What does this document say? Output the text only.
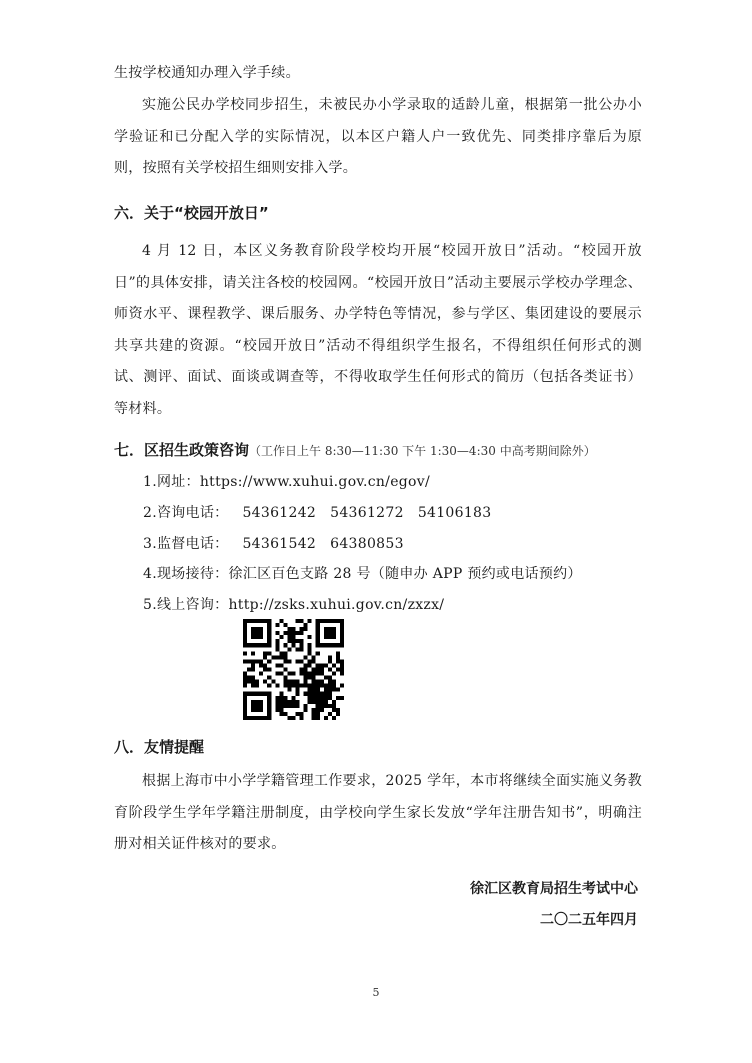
生按学校通知办理入学手续。

实施公民办学校同步招生，未被民办小学录取的适龄儿童，根据第一批公办小学验证和已分配入学的实际情况，以本区户籍人户一致优先、同类排序靠后为原则，按照有关学校招生细则安排入学。

六．关于“校园开放日”

4 月 12 日，本区义务教育阶段学校均开展“校园开放日”活动。“校园开放日”的具体安排，请关注各校的校园网。“校园开放日”活动主要展示学校办学理念、师资水平、课程教学、课后服务、办学特色等情况，参与学区、集团建设的要展示共享共建的资源。“校园开放日”活动不得组织学生报名，不得组织任何形式的测试、测评、面试、面谈或调查等，不得收取学生任何形式的简历（包括各类证书）等材料。

七．区招生政策咨询（工作日上午 8:30—11:30 下午 1:30—4:30 中高考期间除外）
1.网址：https://www.xuhui.gov.cn/egov/
2.咨询电话： 54361242 54361272 54106183
3.监督电话： 54361542 64380853
4.现场接待：徐汇区百色支路 28 号（随申办 APP 预约或电话预约）
5.线上咨询：http://zsks.xuhui.gov.cn/zxzx/
八．友情提醒

根据上海市中小学学籍管理工作要求，2025 学年，本市将继续全面实施义务教育阶段学生学年学籍注册制度，由学校向学生家长发放“学年注册告知书”，明确注册对相关证件核对的要求。

徐汇区教育局招生考试中心
二〇二五年四月
5
